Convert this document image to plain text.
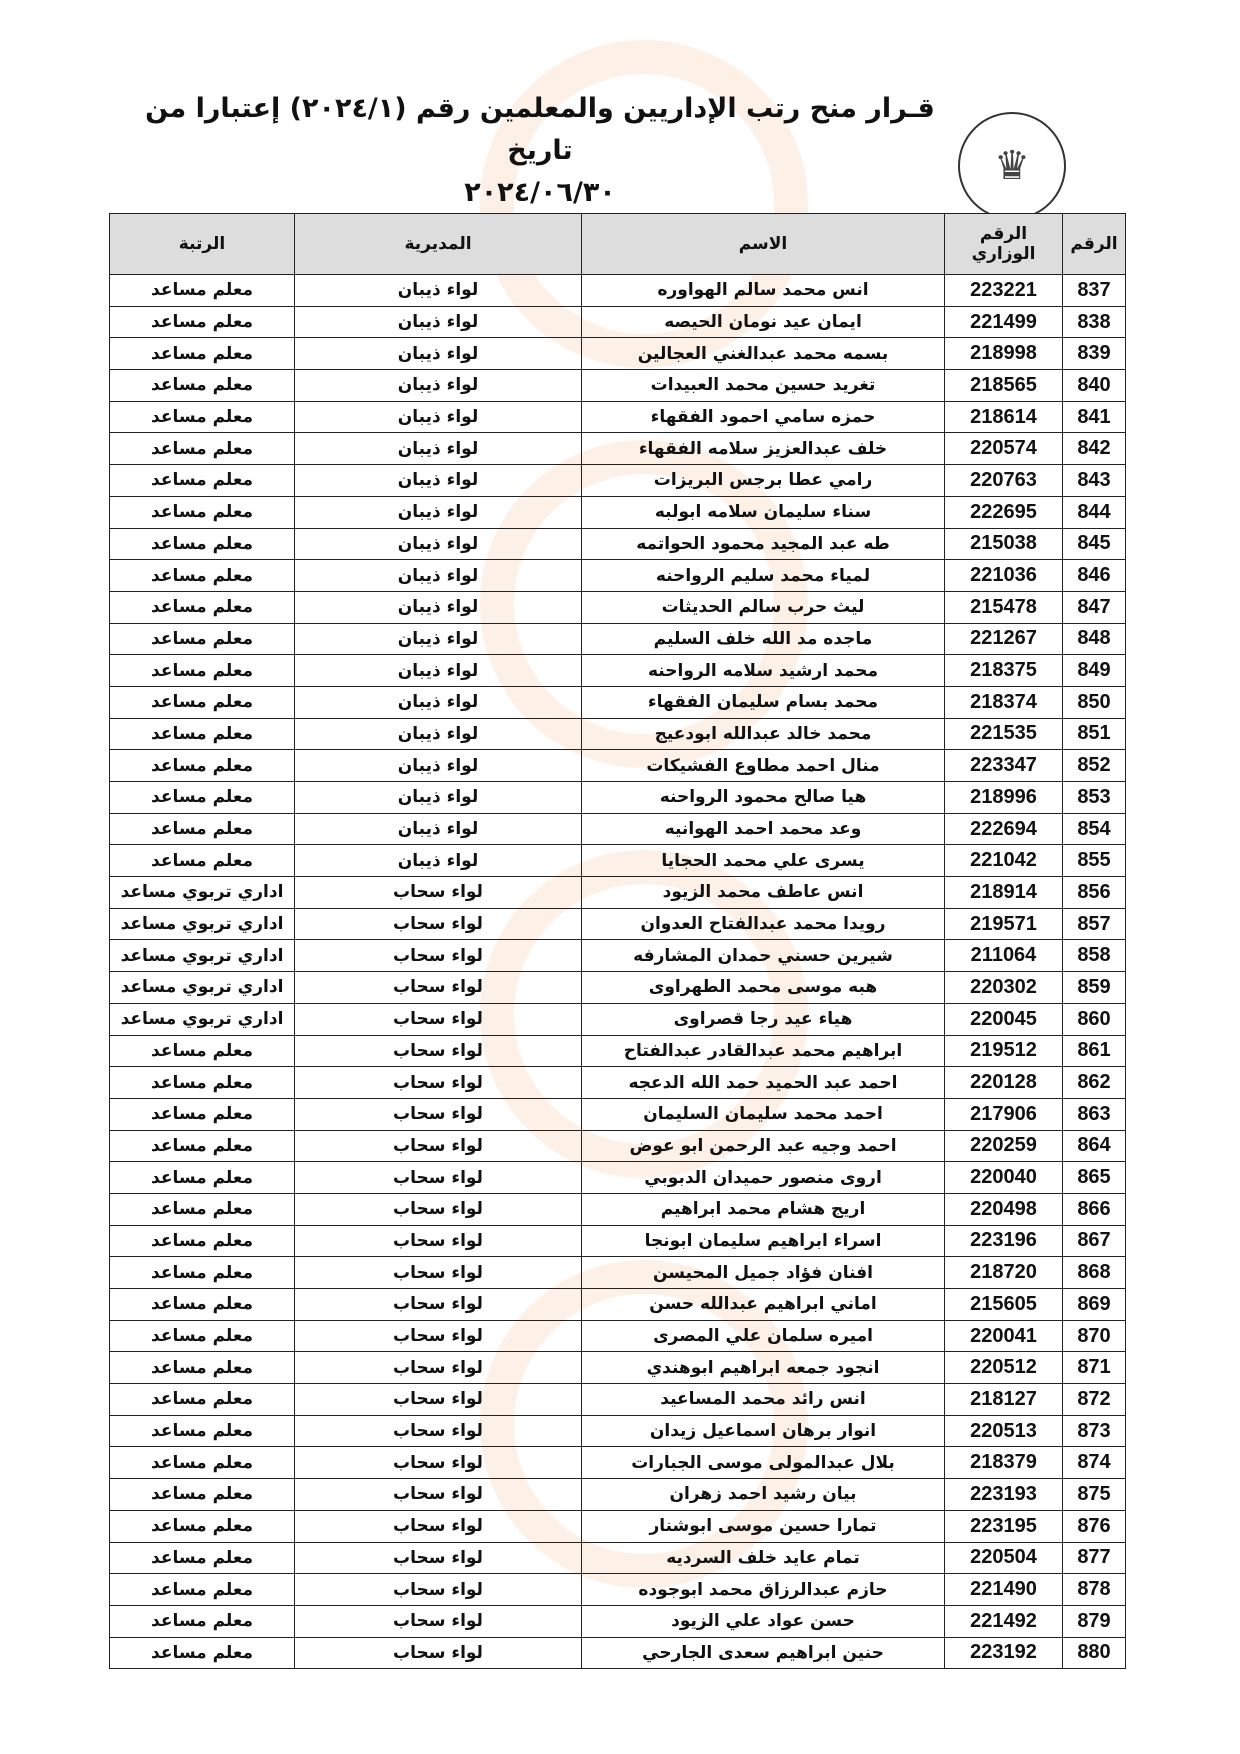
قـرار منح رتب الإداريين والمعلمين رقم (٢٠٢٤/١) إعتبارا من تاريخ
٢٠٢٤/٠٦/٣٠
♛
الرقم	الرقم الوزاري	الاسم	المديرية	الرتبة
837	223221	انس محمد سالم الهواوره	لواء ذيبان	معلم مساعد
838	221499	ايمان عيد نومان الحيصه	لواء ذيبان	معلم مساعد
839	218998	بسمه محمد عبدالغني العجالين	لواء ذيبان	معلم مساعد
840	218565	تغريد حسين محمد العبيدات	لواء ذيبان	معلم مساعد
841	218614	حمزه سامي احمود الفقهاء	لواء ذيبان	معلم مساعد
842	220574	خلف عبدالعزيز سلامه الفقهاء	لواء ذيبان	معلم مساعد
843	220763	رامي عطا برجس البريزات	لواء ذيبان	معلم مساعد
844	222695	سناء سليمان سلامه ابولبه	لواء ذيبان	معلم مساعد
845	215038	طه عبد المجيد محمود الحواتمه	لواء ذيبان	معلم مساعد
846	221036	لمياء محمد سليم الرواحنه	لواء ذيبان	معلم مساعد
847	215478	ليث حرب سالم الحديثات	لواء ذيبان	معلم مساعد
848	221267	ماجده مد الله خلف السليم	لواء ذيبان	معلم مساعد
849	218375	محمد ارشيد سلامه الرواحنه	لواء ذيبان	معلم مساعد
850	218374	محمد بسام سليمان الفقهاء	لواء ذيبان	معلم مساعد
851	221535	محمد خالد عبدالله ابودعيج	لواء ذيبان	معلم مساعد
852	223347	منال احمد مطاوع الفشيكات	لواء ذيبان	معلم مساعد
853	218996	هيا صالح محمود الرواحنه	لواء ذيبان	معلم مساعد
854	222694	وعد محمد احمد الهوانيه	لواء ذيبان	معلم مساعد
855	221042	يسرى علي محمد الحجايا	لواء ذيبان	معلم مساعد
856	218914	انس عاطف محمد الزيود	لواء سحاب	اداري تربوي مساعد
857	219571	رويدا محمد عبدالفتاح العدوان	لواء سحاب	اداري تربوي مساعد
858	211064	شيرين حسني حمدان المشارفه	لواء سحاب	اداري تربوي مساعد
859	220302	هبه موسى محمد الطهراوى	لواء سحاب	اداري تربوي مساعد
860	220045	هياء عيد رجا قصراوى	لواء سحاب	اداري تربوي مساعد
861	219512	ابراهيم محمد عبدالقادر عبدالفتاح	لواء سحاب	معلم مساعد
862	220128	احمد عبد الحميد حمد الله الدعجه	لواء سحاب	معلم مساعد
863	217906	احمد محمد سليمان السليمان	لواء سحاب	معلم مساعد
864	220259	احمد وجيه عبد الرحمن ابو عوض	لواء سحاب	معلم مساعد
865	220040	اروى منصور حميدان الدبوبي	لواء سحاب	معلم مساعد
866	220498	اريج هشام محمد ابراهيم	لواء سحاب	معلم مساعد
867	223196	اسراء ابراهيم سليمان ابونجا	لواء سحاب	معلم مساعد
868	218720	افنان فؤاد جميل المحيسن	لواء سحاب	معلم مساعد
869	215605	اماني ابراهيم عبدالله حسن	لواء سحاب	معلم مساعد
870	220041	اميره سلمان علي المصرى	لواء سحاب	معلم مساعد
871	220512	انجود جمعه ابراهيم ابوهندي	لواء سحاب	معلم مساعد
872	218127	انس رائد محمد المساعيد	لواء سحاب	معلم مساعد
873	220513	انوار برهان اسماعيل زيدان	لواء سحاب	معلم مساعد
874	218379	بلال عبدالمولى موسى الجبارات	لواء سحاب	معلم مساعد
875	223193	بيان رشيد احمد زهران	لواء سحاب	معلم مساعد
876	223195	تمارا حسين موسى ابوشنار	لواء سحاب	معلم مساعد
877	220504	تمام عايد خلف السرديه	لواء سحاب	معلم مساعد
878	221490	حازم عبدالرزاق محمد ابوجوده	لواء سحاب	معلم مساعد
879	221492	حسن عواد علي الزيود	لواء سحاب	معلم مساعد
880	223192	حنين ابراهيم سعدى الجارحي	لواء سحاب	معلم مساعد
